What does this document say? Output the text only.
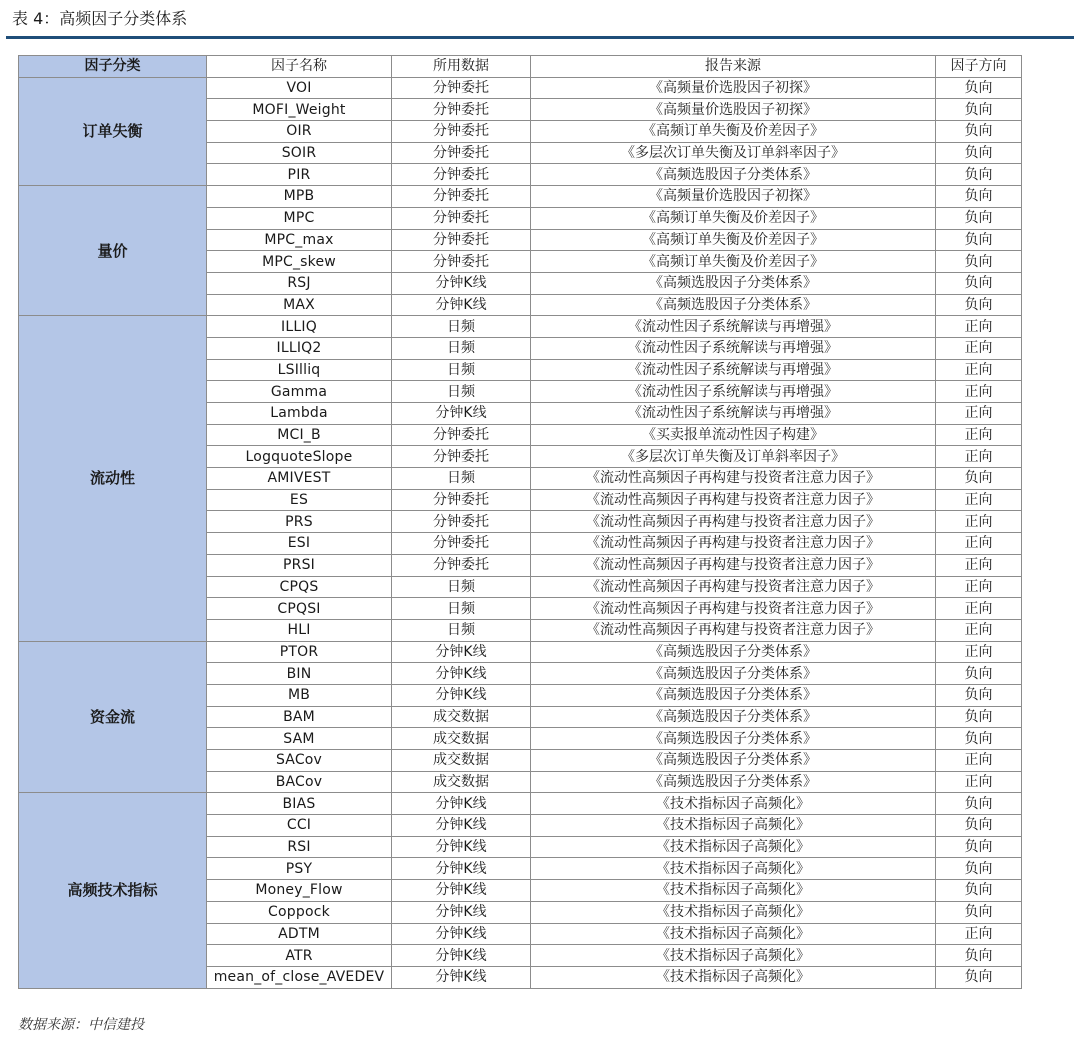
表 4：高频因子分类体系
因子分类	因子名称	所用数据	报告来源	因子方向
订单失衡	VOI	分钟委托	《高频量价选股因子初探》	负向
	MOFI_Weight	分钟委托	《高频量价选股因子初探》	负向
	OIR	分钟委托	《高频订单失衡及价差因子》	负向
	SOIR	分钟委托	《多层次订单失衡及订单斜率因子》	负向
	PIR	分钟委托	《高频选股因子分类体系》	负向
量价	MPB	分钟委托	《高频量价选股因子初探》	负向
	MPC	分钟委托	《高频订单失衡及价差因子》	负向
	MPC_max	分钟委托	《高频订单失衡及价差因子》	负向
	MPC_skew	分钟委托	《高频订单失衡及价差因子》	负向
	RSJ	分钟K线	《高频选股因子分类体系》	负向
	MAX	分钟K线	《高频选股因子分类体系》	负向
流动性	ILLIQ	日频	《流动性因子系统解读与再增强》	正向
	ILLIQ2	日频	《流动性因子系统解读与再增强》	正向
	LSIlliq	日频	《流动性因子系统解读与再增强》	正向
	Gamma	日频	《流动性因子系统解读与再增强》	正向
	Lambda	分钟K线	《流动性因子系统解读与再增强》	正向
	MCI_B	分钟委托	《买卖报单流动性因子构建》	正向
	LogquoteSlope	分钟委托	《多层次订单失衡及订单斜率因子》	正向
	AMIVEST	日频	《流动性高频因子再构建与投资者注意力因子》	负向
	ES	分钟委托	《流动性高频因子再构建与投资者注意力因子》	正向
	PRS	分钟委托	《流动性高频因子再构建与投资者注意力因子》	正向
	ESI	分钟委托	《流动性高频因子再构建与投资者注意力因子》	正向
	PRSI	分钟委托	《流动性高频因子再构建与投资者注意力因子》	正向
	CPQS	日频	《流动性高频因子再构建与投资者注意力因子》	正向
	CPQSI	日频	《流动性高频因子再构建与投资者注意力因子》	正向
	HLI	日频	《流动性高频因子再构建与投资者注意力因子》	正向
资金流	PTOR	分钟K线	《高频选股因子分类体系》	正向
	BIN	分钟K线	《高频选股因子分类体系》	负向
	MB	分钟K线	《高频选股因子分类体系》	负向
	BAM	成交数据	《高频选股因子分类体系》	负向
	SAM	成交数据	《高频选股因子分类体系》	负向
	SACov	成交数据	《高频选股因子分类体系》	正向
	BACov	成交数据	《高频选股因子分类体系》	正向
高频技术指标	BIAS	分钟K线	《技术指标因子高频化》	负向
	CCI	分钟K线	《技术指标因子高频化》	负向
	RSI	分钟K线	《技术指标因子高频化》	负向
	PSY	分钟K线	《技术指标因子高频化》	负向
	Money_Flow	分钟K线	《技术指标因子高频化》	负向
	Coppock	分钟K线	《技术指标因子高频化》	负向
	ADTM	分钟K线	《技术指标因子高频化》	正向
	ATR	分钟K线	《技术指标因子高频化》	负向
	mean_of_close_AVEDEV	分钟K线	《技术指标因子高频化》	负向
数据来源：中信建投
